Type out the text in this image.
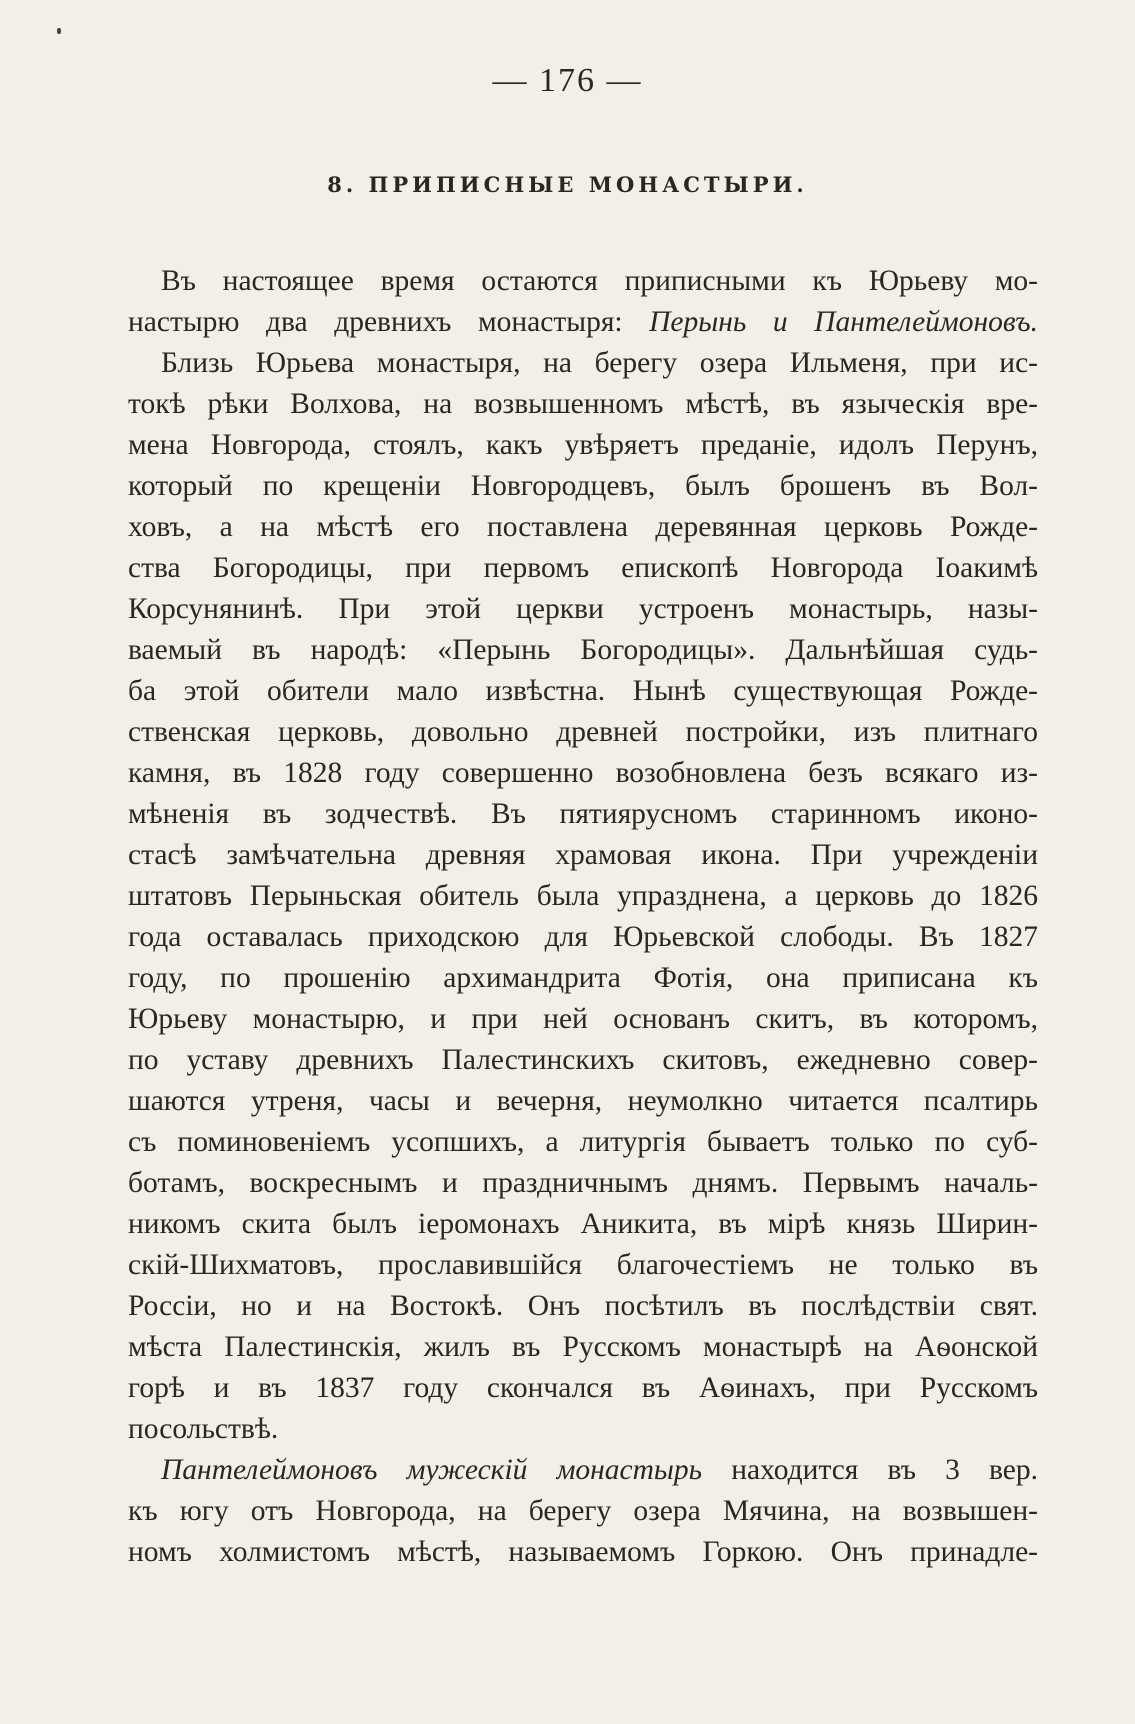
— 176 —
8. ПРИПИСНЫЕ МОНАСТЫРИ.
Въ настоящее время остаются приписными къ Юрьеву мо-
настырю два древнихъ монастыря: Перынь и Пантелеймоновъ.
Близь Юрьева монастыря, на берегу озера Ильменя, при ис-
токѣ рѣки Волхова, на возвышенномъ мѣстѣ, въ языческія вре-
мена Новгорода, стоялъ, какъ увѣряетъ преданіе, идолъ Перунъ,
который по крещеніи Новгородцевъ, былъ брошенъ въ Вол-
ховъ, а на мѣстѣ его поставлена деревянная церковь Рожде-
ства Богородицы, при первомъ епископѣ Новгорода Іоакимѣ
Корсунянинѣ. При этой церкви устроенъ монастырь, назы-
ваемый въ народѣ: «Перынь Богородицы». Дальнѣйшая судь-
ба этой обители мало извѣстна. Нынѣ существующая Рожде-
ственская церковь, довольно древней постройки, изъ плитнаго
камня, въ 1828 году совершенно возобновлена безъ всякаго из-
мѣненія въ зодчествѣ. Въ пятиярусномъ старинномъ иконо-
стасѣ замѣчательна древняя храмовая икона. При учрежденіи
штатовъ Перыньская обитель была упразднена, а церковь до 1826
года оставалась приходскою для Юрьевской слободы. Въ 1827
году, по прошенію архимандрита Фотія, она приписана къ
Юрьеву монастырю, и при ней основанъ скитъ, въ которомъ,
по уставу древнихъ Палестинскихъ скитовъ, ежедневно совер-
шаются утреня, часы и вечерня, неумолкно читается псалтирь
съ поминовеніемъ усопшихъ, а литургія бываетъ только по суб-
ботамъ, воскреснымъ и праздничнымъ днямъ. Первымъ началь-
никомъ скита былъ іеромонахъ Аникита, въ мірѣ князь Ширин-
скій-Шихматовъ, прославившійся благочестіемъ не только въ
Россіи, но и на Востокѣ. Онъ посѣтилъ въ послѣдствіи свят.
мѣста Палестинскія, жилъ въ Русскомъ монастырѣ на Аѳонской
горѣ и въ 1837 году скончался въ Аѳинахъ, при Русскомъ
посольствѣ.
Пантелеймоновъ мужескій монастырь находится въ 3 вер.
къ югу отъ Новгорода, на берегу озера Мячина, на возвышен-
номъ холмистомъ мѣстѣ, называемомъ Горкою. Онъ принадле-
